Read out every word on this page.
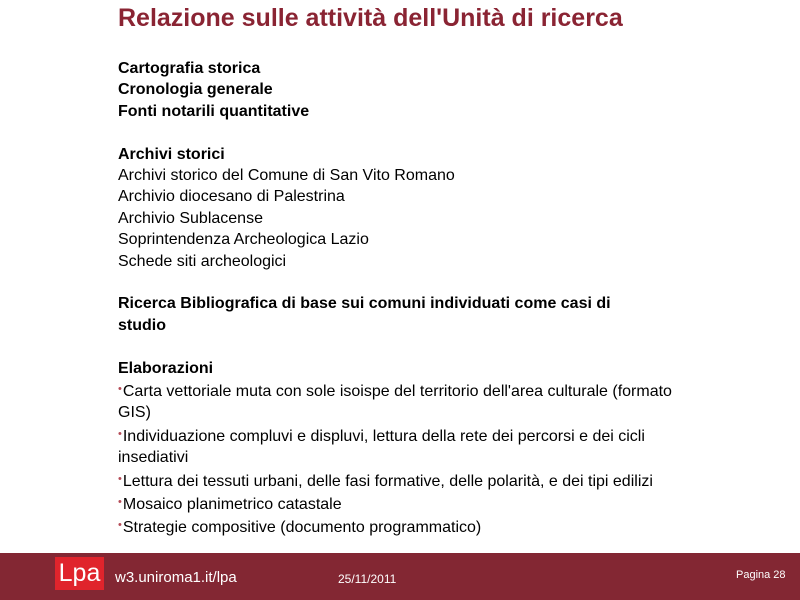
Relazione sulle attività dell'Unità di ricerca
Cartografia storica
Cronologia generale
Fonti notarili quantitative
Archivi storici
Archivi storico del Comune di San Vito Romano
Archivio diocesano di Palestrina
Archivio Sublacense
Soprintendenza Archeologica Lazio
Schede siti archeologici
Ricerca Bibliografica di base sui comuni individuati come casi di
studio
Elaborazioni
•Carta vettoriale muta con sole isoispe del territorio dell'area culturale (formato
GIS)
•Individuazione compluvi e displuvi, lettura della rete dei percorsi e dei cicli
insediativi
•Lettura dei tessuti urbani, delle fasi formative, delle polarità, e dei tipi edilizi
•Mosaico planimetrico catastale
•Strategie compositive (documento programmatico)
Lpa w3.uniroma1.it/lpa	25/11/2011	Pagina 28
